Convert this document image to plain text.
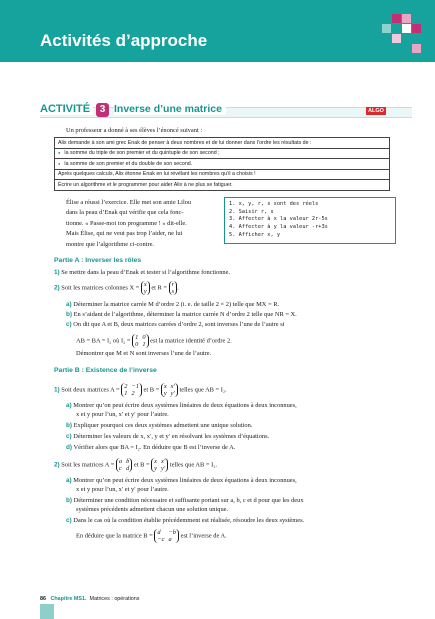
Activités d’approche
ACTIVITÉ 3 Inverse d’une matrice	ALGO
Un professeur a donné à ses élèves l’énoncé suivant :
Alix demande à son ami grec Enak de penser à deux nombres et de lui donner dans l’ordre les résultats de :
● la somme du triple de son premier et du quintuple de son second ;
● la somme de son premier et du double de son second.
Après quelques calculs, Alix étonne Enak en lui révélant les nombres qu’il a choisis !
Écrire un algorithme et le programmer pour aider Alix à ne plus se fatiguer.
Élise a réussi l’exercice. Elle met son amie Lilou
dans la peau d’Enak qui vérifie que cela fonc-
tionne. « Passe-moi ton programme ! » dit-elle.
Mais Élise, qui ne veut pas trop l’aider, ne lui
montre que l’algorithme ci-contre.
1. x, y, r, s sont des réels
2. Saisir r, s
3. Affecter à x la valeur 2r-5s
4. Affecter à y la valeur -r+3s
5. Afficher x, y
Partie A : Inverser les rôles
1) Se mettre dans la peau d’Enak et tester si l’algorithme fonctionne.
2) Soit les matrices colonnes X = x
y et R = r
s.
a) Déterminer la matrice carrée M d’ordre 2 (i. e. de taille 2 × 2) telle que MX = R.
b) En s’aidant de l’algorithme, déterminer la matrice carrée N d’ordre 2 telle que NR = X.
c) On dit que A et B, deux matrices carrées d’ordre 2, sont inverses l’une de l’autre si
AB = BA = I₂ où I₂ = 1 0
0 1
est la matrice identité d’ordre 2.
Démontrer que M et N sont inverses l’une de l’autre.
Partie B : Existence de l’inverse
1) Soit deux matrices A = 2 −1
1 2
et B = x x′
y y′
telles que AB = I₂.
a) Montrer qu’on peut écrire deux systèmes linéaires de deux équations à deux inconnues,
x et y pour l’un, x′ et y′ pour l’autre.
b) Expliquer pourquoi ces deux systèmes admettent une unique solution.
c) Déterminer les valeurs de x, x′, y et y′ en résolvant les systèmes d’équations.
d) Vérifier alors que BA = I₂. En déduire que B est l’inverse de A.
2) Soit les matrices A = a b
c d
et B = x x′
y y′
telles que AB = I₂.
a) Montrer qu’on peut écrire deux systèmes linéaires de deux équations à deux inconnues,
x et y pour l’un, x′ et y′ pour l’autre.
b) Déterminer une condition nécessaire et suffisante portant sur a, b, c et d pour que les deux
systèmes précédents admettent chacun une solution unique.
c) Dans le cas où la condition établie précédemment est réalisée, résoudre les deux systèmes.
En déduire que la matrice B = d	−b
−c a
est l’inverse de A.
86 Chapitre MS1. Matrices : opérations
